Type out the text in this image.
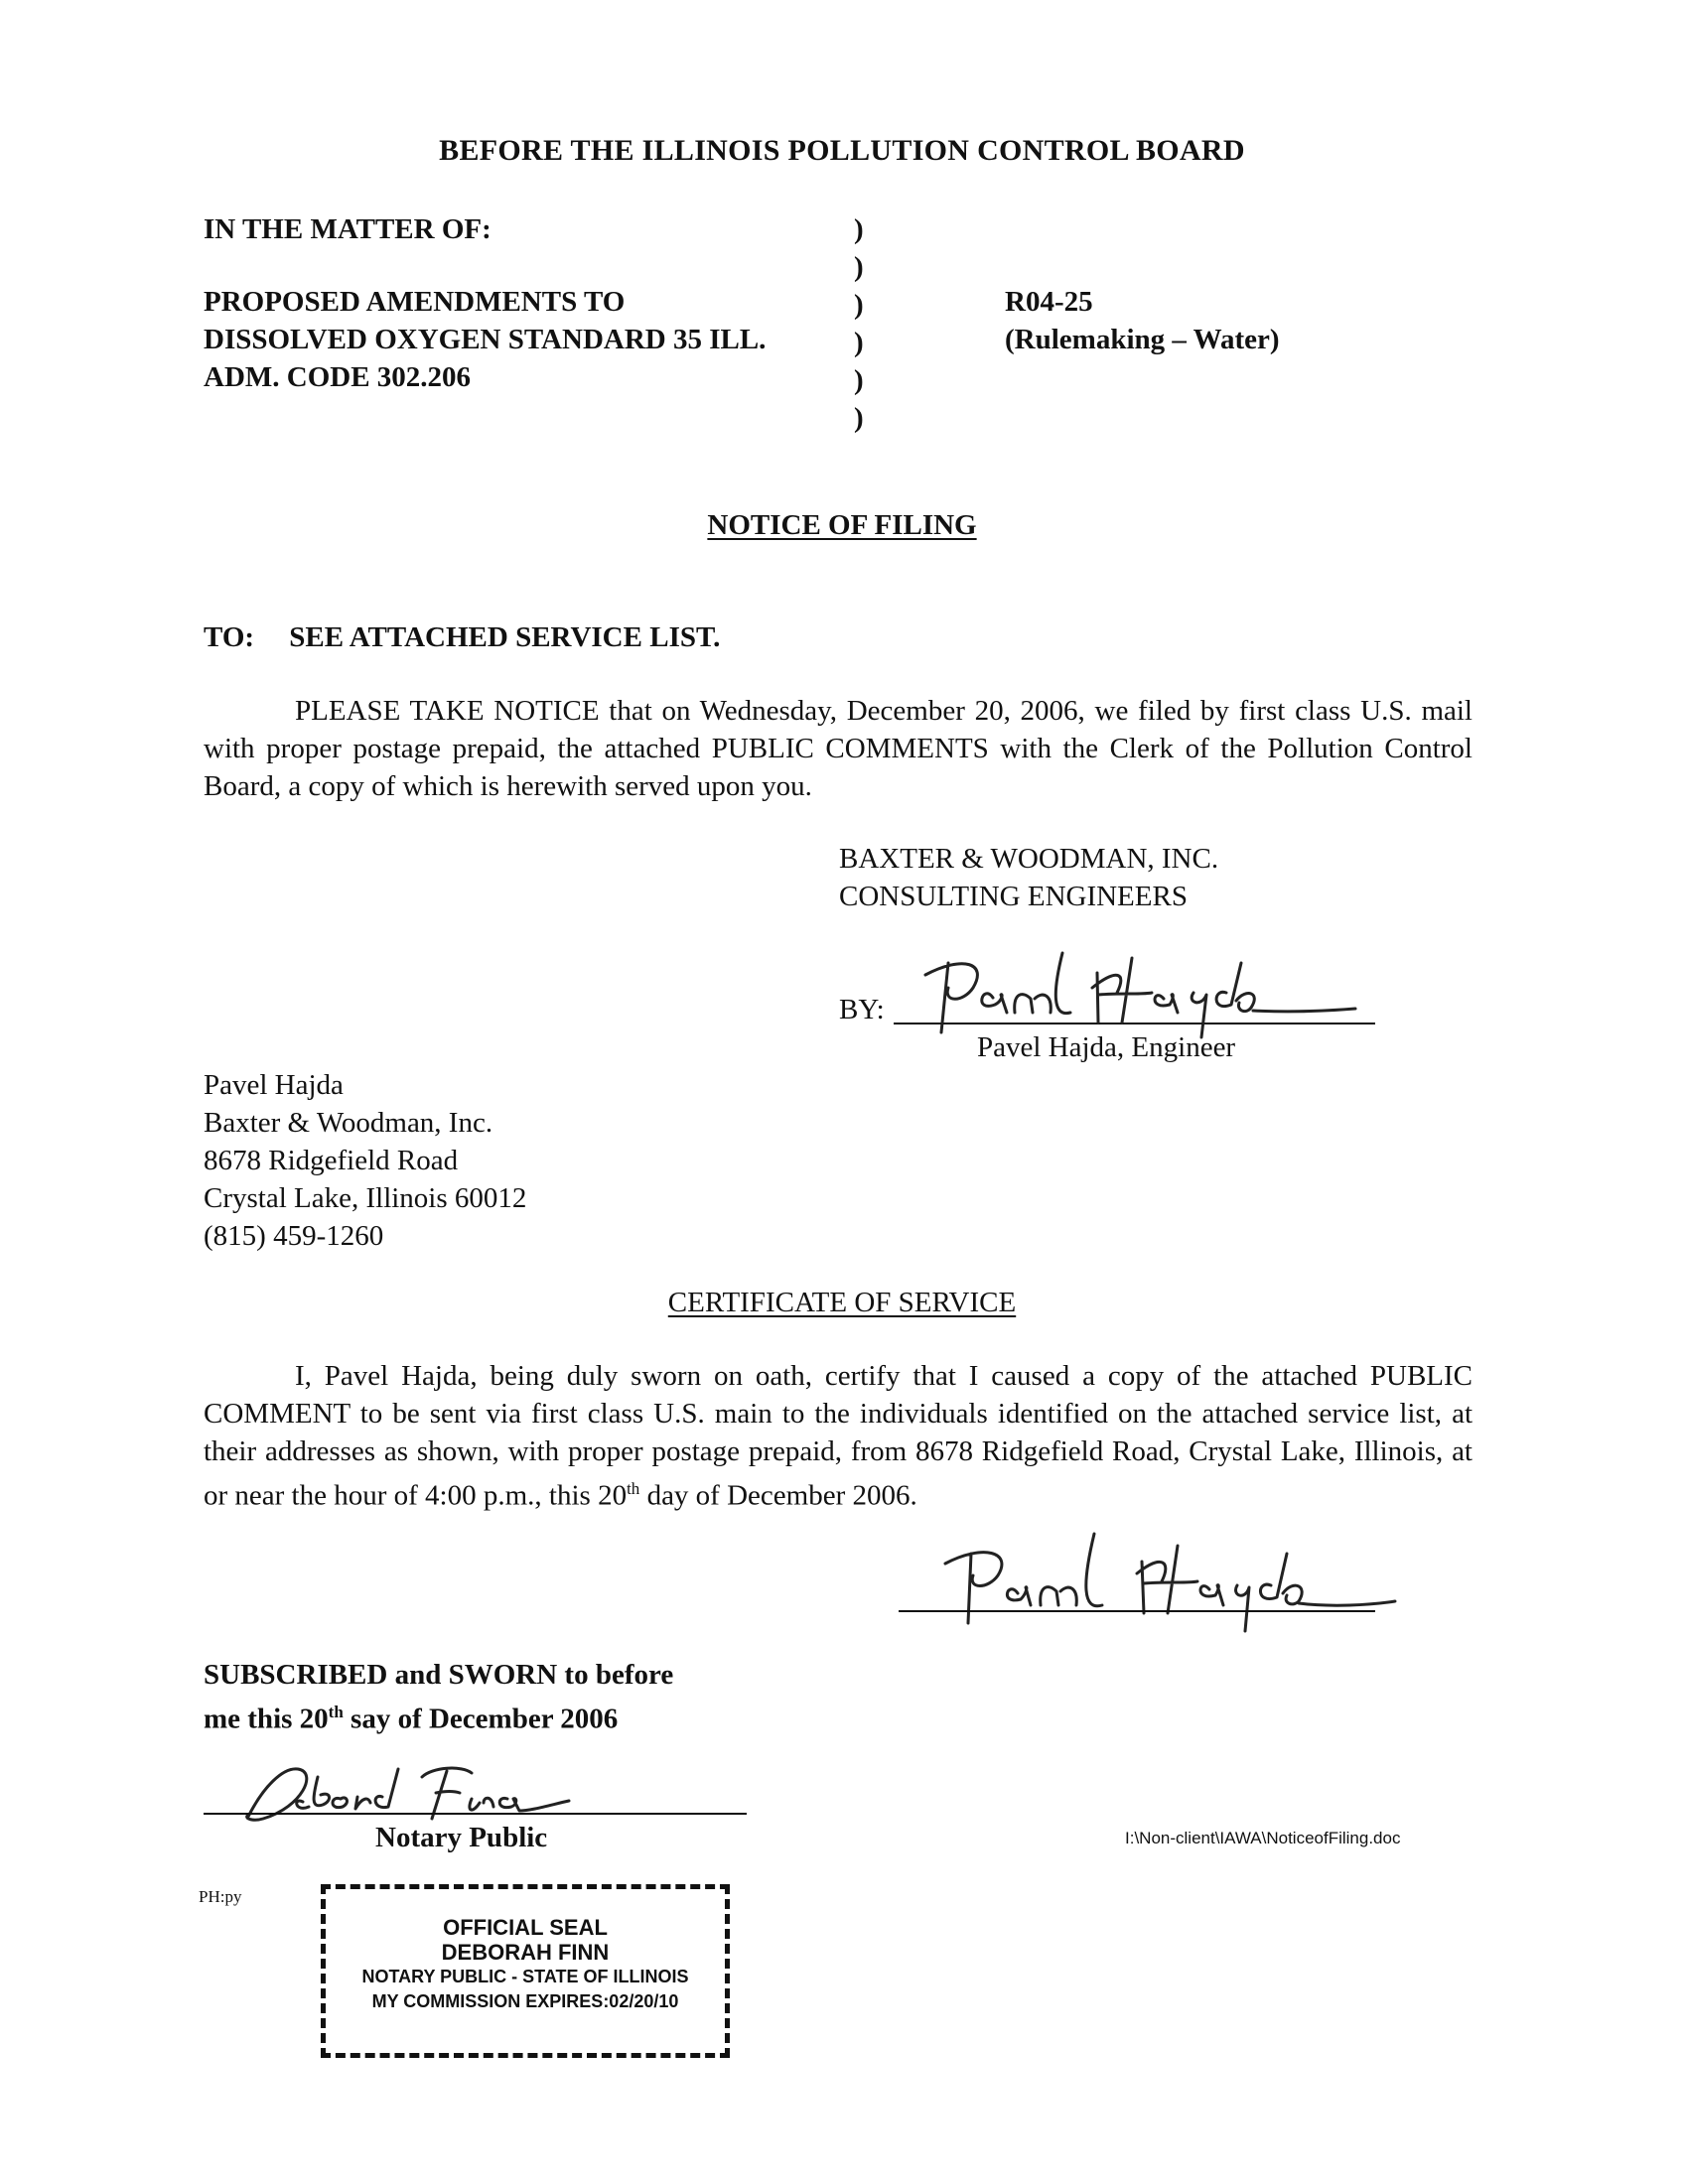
BEFORE THE ILLINOIS POLLUTION CONTROL BOARD
IN THE MATTER OF:
PROPOSED AMENDMENTS TO
DISSOLVED OXYGEN STANDARD 35 ILL.
ADM. CODE 302.206
)
)
)
)
)
)
R04-25
(Rulemaking – Water)
NOTICE OF FILING
TO: SEE ATTACHED SERVICE LIST.
PLEASE TAKE NOTICE that on Wednesday, December 20, 2006, we filed by first class U.S. mail with proper postage prepaid, the attached PUBLIC COMMENTS with the Clerk of the Pollution Control Board, a copy of which is herewith served upon you.
BAXTER & WOODMAN, INC.
CONSULTING ENGINEERS
BY:
Pavel Hajda, Engineer
Pavel Hajda
Baxter & Woodman, Inc.
8678 Ridgefield Road
Crystal Lake, Illinois 60012
(815) 459-1260
CERTIFICATE OF SERVICE
I, Pavel Hajda, being duly sworn on oath, certify that I caused a copy of the attached PUBLIC COMMENT to be sent via first class U.S. main to the individuals identified on the attached service list, at their addresses as shown, with proper postage prepaid, from 8678 Ridgefield Road, Crystal Lake, Illinois, at or near the hour of 4:00 p.m., this 20th day of December 2006.
SUBSCRIBED and SWORN to before
me this 20th say of December 2006
Notary Public	I:\Non-client\IAWA\NoticeofFiling.doc
PH:py
OFFICIAL SEAL
DEBORAH FINN
NOTARY PUBLIC - STATE OF ILLINOIS
MY COMMISSION EXPIRES:02/20/10
